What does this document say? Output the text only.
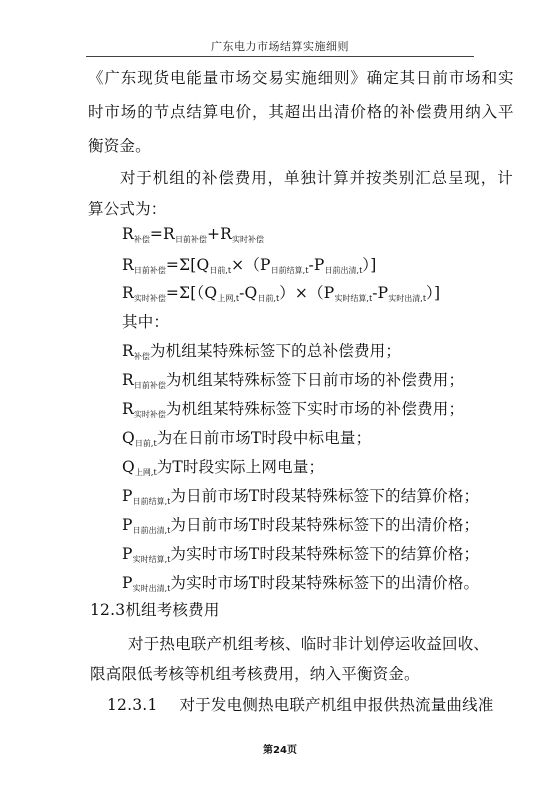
广东电力市场结算实施细则
《广东现货电能量市场交易实施细则》确定其日前市场和实
时市场的节点结算电价，其超出出清价格的补偿费用纳入平
衡资金。
对于机组的补偿费用，单独计算并按类别汇总呈现，计
算公式为：
$R_{补偿}=R_{日前补偿}+R_{实时补偿}$
$R_{日前补偿}=\Sigma[Q_{日前,t}\times(P_{日前结算,t}-P_{日前出清,t})]$
$R_{实时补偿}=\Sigma[(Q_{上网,t}-Q_{日前,t})\times(P_{实时结算,t}-P_{实时出清,t})]$
其中：
$R_{补偿}$为机组某特殊标签下的总补偿费用；
$R_{日前补偿}$为机组某特殊标签下日前市场的补偿费用；
$R_{实时补偿}$为机组某特殊标签下实时市场的补偿费用；
$Q_{日前,t}$为在日前市场T时段中标电量；
$Q_{上网,t}$为T时段实际上网电量；
$P_{日前结算,t}$为日前市场T时段某特殊标签下的结算价格；
$P_{日前出清,t}$为日前市场T时段某特殊标签下的出清价格；
$P_{实时结算,t}$为实时市场T时段某特殊标签下的结算价格；
$P_{实时出清,t}$为实时市场T时段某特殊标签下的出清价格。
12.3机组考核费用
对于热电联产机组考核、临时非计划停运收益回收、
限高限低考核等机组考核费用，纳入平衡资金。
12.3.1 对于发电侧热电联产机组申报供热流量曲线准
第24页
